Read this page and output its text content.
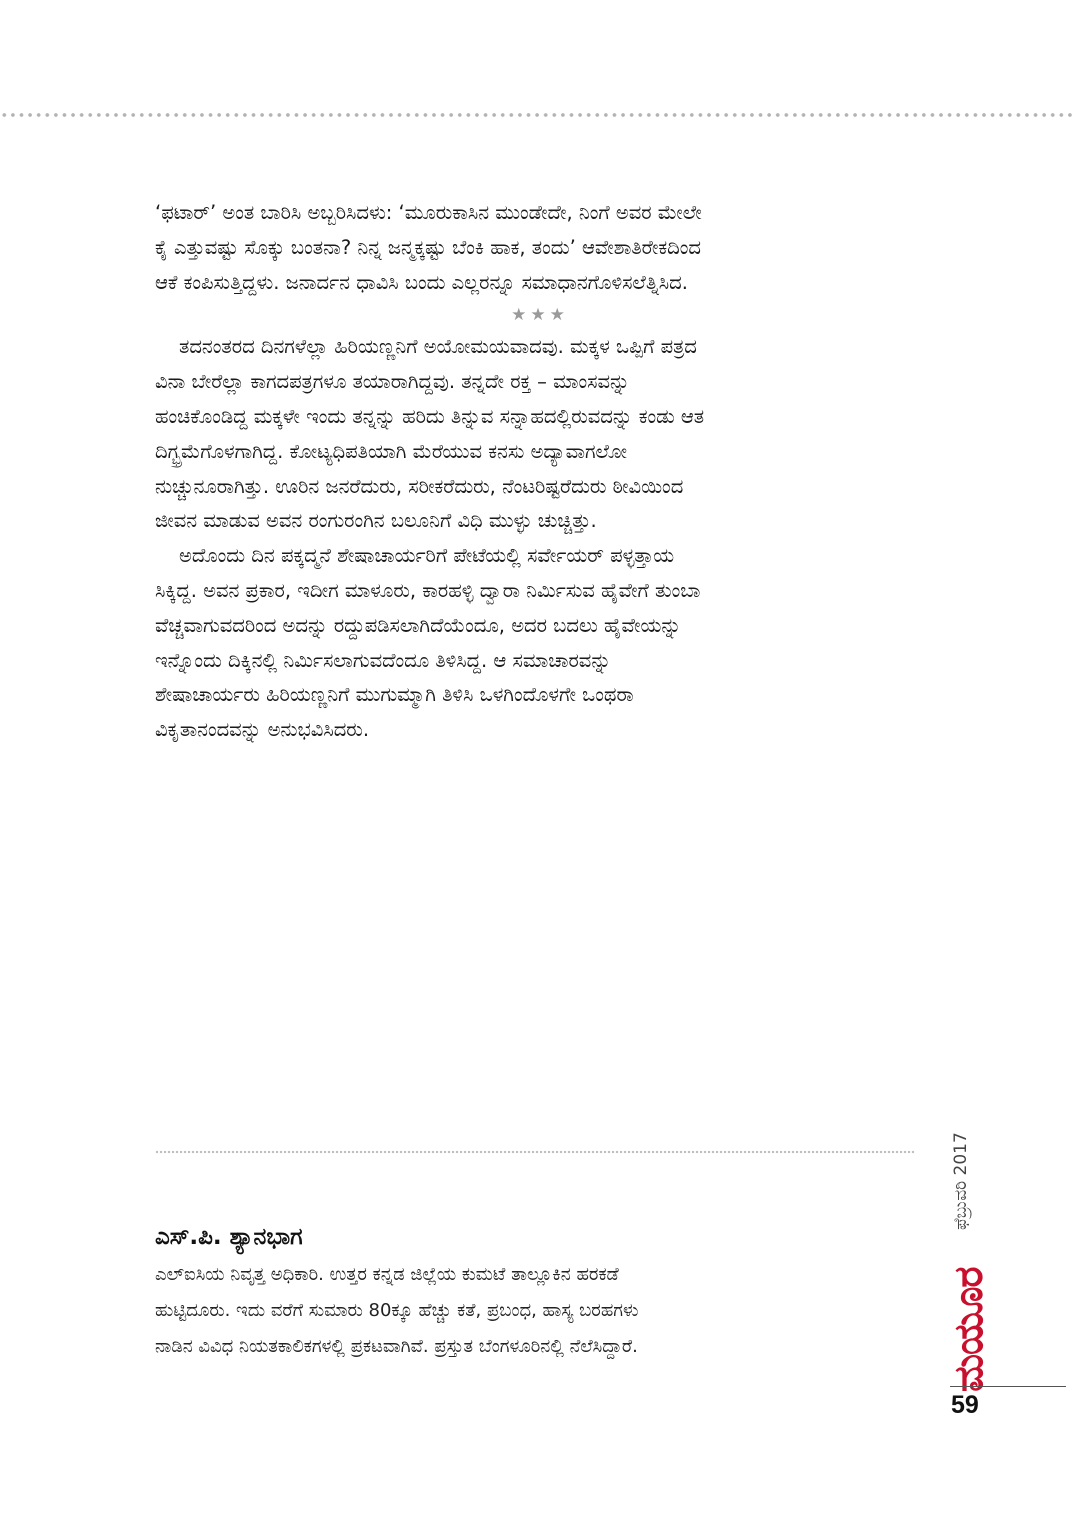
‘ಫಟಾರ್’ ಅಂತ ಬಾರಿಸಿ ಅಬ್ಬರಿಸಿದಳು: ‘ಮೂರುಕಾಸಿನ ಮುಂಡೇದೇ, ನಿಂಗೆ ಅವರ ಮೇಲೇ
ಕೈ ಎತ್ತುವಷ್ಟು ಸೊಕ್ಕು ಬಂತನಾ? ನಿನ್ನ ಜನ್ಮಕ್ಕಷ್ಟು ಬೆಂಕಿ ಹಾಕ, ತಂದು’ ಆವೇಶಾತಿರೇಕದಿಂದ
ಆಕೆ ಕಂಪಿಸುತ್ತಿದ್ದಳು. ಜನಾರ್ದನ ಧಾವಿಸಿ ಬಂದು ಎಲ್ಲರನ್ನೂ ಸಮಾಧಾನಗೊಳಿಸಲೆತ್ನಿಸಿದ.

★★★

ತದನಂತರದ ದಿನಗಳೆಲ್ಲಾ ಹಿರಿಯಣ್ಣನಿಗೆ ಅಯೋಮಯವಾದವು. ಮಕ್ಕಳ ಒಪ್ಪಿಗೆ ಪತ್ರದ
ವಿನಾ ಬೇರೆಲ್ಲಾ ಕಾಗದಪತ್ರಗಳೂ ತಯಾರಾಗಿದ್ದವು. ತನ್ನದೇ ರಕ್ತ – ಮಾಂಸವನ್ನು
ಹಂಚಿಕೊಂಡಿದ್ದ ಮಕ್ಕಳೇ ಇಂದು ತನ್ನನ್ನು ಹರಿದು ತಿನ್ನುವ ಸನ್ನಾಹದಲ್ಲಿರುವದನ್ನು ಕಂಡು ಆತ
ದಿಗ್ಭ್ರಮೆಗೊಳಗಾಗಿದ್ದ. ಕೋಟ್ಯಧಿಪತಿಯಾಗಿ ಮೆರೆಯುವ ಕನಸು ಅದ್ಯಾವಾಗಲೋ
ನುಚ್ಚುನೂರಾಗಿತ್ತು. ಊರಿನ ಜನರೆದುರು, ಸರೀಕರೆದುರು, ನೆಂಟರಿಷ್ಟರೆದುರು ಠೀವಿಯಿಂದ
ಜೀವನ ಮಾಡುವ ಅವನ ರಂಗುರಂಗಿನ ಬಲೂನಿಗೆ ವಿಧಿ ಮುಳ್ಳು ಚುಚ್ಚಿತ್ತು.

ಅದೊಂದು ದಿನ ಪಕ್ಕದ್ಮನೆ ಶೇಷಾಚಾರ್ಯರಿಗೆ ಪೇಟೆಯಲ್ಲಿ ಸರ್ವೇಯರ್ ಪಳ್ಳತ್ತಾಯ
ಸಿಕ್ಕಿದ್ದ. ಅವನ ಪ್ರಕಾರ, ಇದೀಗ ಮಾಳೂರು, ಕಾರಹಳ್ಳಿ ದ್ವಾರಾ ನಿರ್ಮಿಸುವ ಹೈವೇಗೆ ತುಂಬಾ
ವೆಚ್ಚವಾಗುವದರಿಂದ ಅದನ್ನು ರದ್ದುಪಡಿಸಲಾಗಿದೆಯೆಂದೂ, ಅದರ ಬದಲು ಹೈವೇಯನ್ನು
ಇನ್ನೊಂದು ದಿಕ್ಕಿನಲ್ಲಿ ನಿರ್ಮಿಸಲಾಗುವದೆಂದೂ ತಿಳಿಸಿದ್ದ. ಆ ಸಮಾಚಾರವನ್ನು
ಶೇಷಾಚಾರ್ಯರು ಹಿರಿಯಣ್ಣನಿಗೆ ಮುಗುಮ್ಮಾಗಿ ತಿಳಿಸಿ ಒಳಗಿಂದೊಳಗೇ ಒಂಥರಾ
ವಿಕೃತಾನಂದವನ್ನು ಅನುಭವಿಸಿದರು.

ಎಸ್.ಪಿ. ಶ್ಯಾನಭಾಗ
ಎಲ್ಐಸಿಯ ನಿವೃತ್ತ ಅಧಿಕಾರಿ. ಉತ್ತರ ಕನ್ನಡ ಜಿಲ್ಲೆಯ ಕುಮಟೆ ತಾಲ್ಲೂಕಿನ ಹರಕಡೆ
ಹುಟ್ಟಿದೂರು. ಇದು ವರೆಗೆ ಸುಮಾರು 80ಕ್ಕೂ ಹೆಚ್ಚು ಕತೆ, ಪ್ರಬಂಧ, ಹಾಸ್ಯ ಬರಹಗಳು
ನಾಡಿನ ವಿವಿಧ ನಿಯತಕಾಲಿಕಗಳಲ್ಲಿ ಪ್ರಕಟವಾಗಿವೆ. ಪ್ರಸ್ತುತ ಬೆಂಗಳೂರಿನಲ್ಲಿ ನೆಲೆಸಿದ್ದಾರೆ.
ಫೆಬ್ರುವರಿ 2017
ಮಯೂರ
59
